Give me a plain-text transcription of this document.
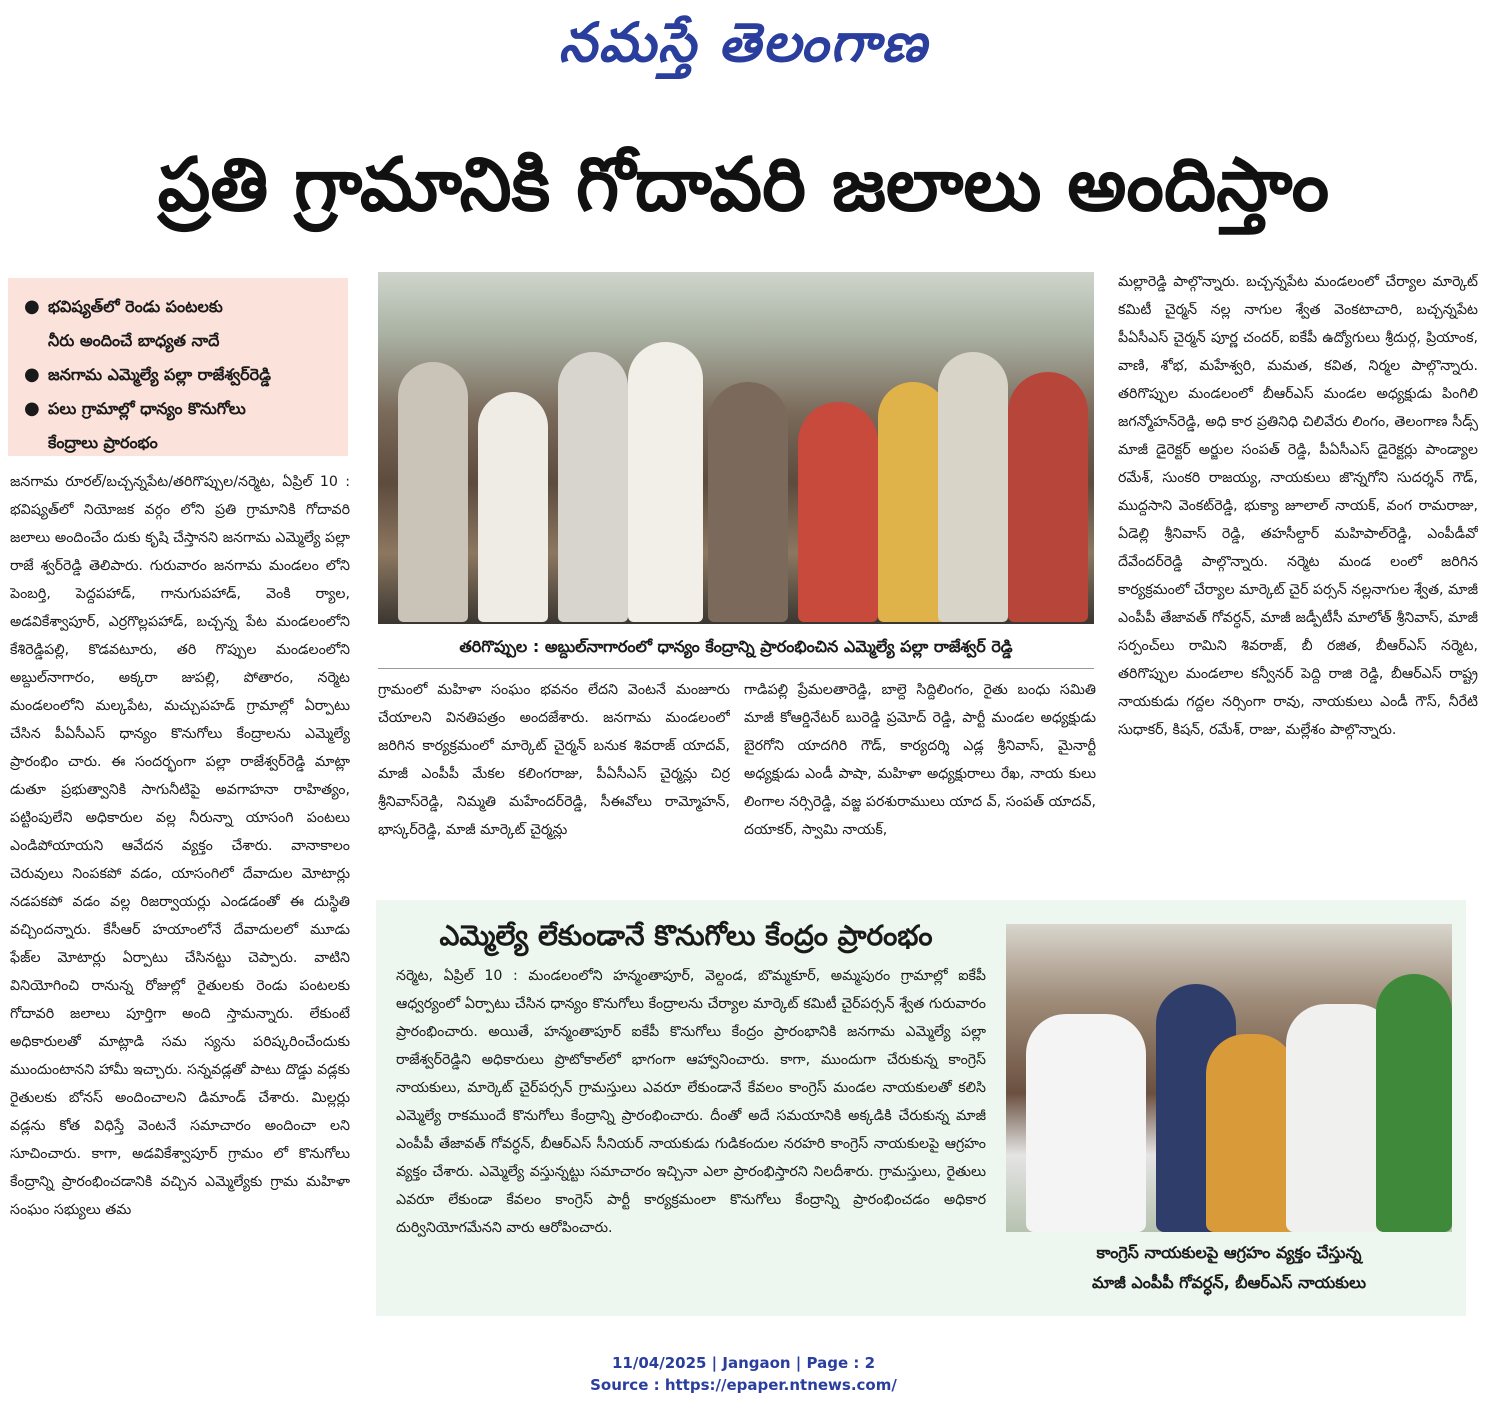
నమస్తే తెలంగాణ
ప్రతి గ్రామానికి గోదావరి జలాలు అందిస్తాం
● భవిష్యత్‌లో రెండు పంటలకు
నీరు అందించే బాధ్యత నాదే
● జనగామ ఎమ్మెల్యే పల్లా రాజేశ్వర్‌రెడ్డి
● పలు గ్రామాల్లో ధాన్యం కొనుగోలు
కేంద్రాలు ప్రారంభం
జనగామ రూరల్/బచ్చన్నపేట/తరిగొప్పుల/నర్మెట, ఏప్రిల్ 10 : భవిష్యత్‌లో నియోజక వర్గం లోని ప్రతి గ్రామానికి గోదావరి జలాలు అందించేం దుకు కృషి చేస్తానని జనగామ ఎమ్మెల్యే పల్లా రాజే శ్వర్‌రెడ్డి తెలిపారు. గురువారం జనగామ మండలం లోని పెంబర్తి, పెద్దపహాడ్, గానుగుపహాడ్, వెంకి ర్యాల, అడవికేశ్వాపూర్, ఎర్రగొల్లపహాడ్, బచ్చన్న పేట మండలంలోని కేశిరెడ్డిపల్లి, కొడవటూరు, తరి గొప్పుల మండలంలోని అబ్దుల్‌నాగారం, అక్కరా జుపల్లి, పోతారం, నర్మెట మండలంలోని మల్కపేట, మచ్చుపహడ్ గ్రామాల్లో ఏర్పాటు చేసిన పీఏసీఎస్ ధాన్యం కొనుగోలు కేంద్రాలను ఎమ్మెల్యే ప్రారంభిం చారు. ఈ సందర్భంగా పల్లా రాజేశ్వర్‌రెడ్డి మాట్లా డుతూ ప్రభుత్వానికి సాగునీటిపై అవగాహనా రాహిత్యం, పట్టింపులేని అధికారుల వల్ల నీరున్నా యాసంగి పంటలు ఎండిపోయాయని ఆవేదన వ్యక్తం చేశారు. వానాకాలం చెరువులు నింపకపో వడం, యాసంగిలో దేవాదుల మోటార్లు నడపకపో వడం వల్ల రిజర్వాయర్లు ఎండడంతో ఈ దుస్థితి వచ్చిందన్నారు. కేసీఆర్ హయాంలోనే దేవాదులలో మూడు ఫేజ్‌ల మోటార్లు ఏర్పాటు చేసినట్టు చెప్పారు. వాటిని వినియోగించి రానున్న రోజుల్లో రైతులకు రెండు పంటలకు గోదావరి జలాలు పూర్తిగా అంది స్తామన్నారు. లేకుంటే అధికారులతో మాట్లాడి సమ స్యను పరిష్కరించేందుకు ముందుంటానని హామీ ఇచ్చారు. సన్నవడ్లతో పాటు దొడ్డు వడ్లకు రైతులకు బోనస్ అందించాలని డిమాండ్ చేశారు. మిల్లర్లు వడ్లను కోత విధిస్తే వెంటనే సమాచారం అందించా లని సూచించారు. కాగా, అడవికేశ్వాపూర్ గ్రామం లో కొనుగోలు కేంద్రాన్ని ప్రారంభించడానికి వచ్చిన ఎమ్మెల్యేకు గ్రామ మహిళా సంఘం సభ్యులు తమ
తరిగొప్పుల : అబ్దుల్‌నాగారంలో ధాన్యం కేంద్రాన్ని ప్రారంభించిన ఎమ్మెల్యే పల్లా రాజేశ్వర్ రెడ్డి
గ్రామంలో మహిళా సంఘం భవనం లేదని వెంటనే మంజూరు చేయాలని వినతిపత్రం అందజేశారు. జనగామ మండలంలో జరిగిన కార్యక్రమంలో మార్కెట్ చైర్మన్ బనుక శివరాజ్ యాదవ్, మాజీ ఎంపీపీ మేకల కలింగరాజు, పీఏసీఎస్ చైర్మన్లు చిర్ర శ్రీనివాస్‌రెడ్డి, నిమ్మతి మహేందర్‌రెడ్డి, సీఈవోలు రామ్మోహన్, భాస్కర్‌రెడ్డి, మాజీ మార్కెట్ చైర్మన్లు
గాడిపల్లి ప్రేమలతారెడ్డి, బాల్దె సిద్దిలింగం, రైతు బంధు సమితి మాజీ కోఆర్డినేటర్ బురెడ్డి ప్రమోద్ రెడ్డి, పార్టీ మండల అధ్యక్షుడు బైరగోని యాదగిరి గౌడ్, కార్యదర్శి ఎడ్ల శ్రీనివాస్, మైనార్టీ అధ్యక్షుడు ఎండీ పాషా, మహిళా అధ్యక్షురాలు రేఖ, నాయ కులు లింగాల నర్సిరెడ్డి, వజ్జ పరశురాములు యాద వ్, సంపత్ యాదవ్, దయాకర్, స్వామి నాయక్,
మల్లారెడ్డి పాల్గొన్నారు. బచ్చన్నపేట మండలంలో చేర్యాల మార్కెట్ కమిటీ చైర్మన్ నల్ల నాగుల శ్వేత వెంకటాచారి, బచ్చన్నపేట పీఏసీఎస్ చైర్మన్ పూర్ణ చందర్, ఐకేపీ ఉద్యోగులు శ్రీదుర్గ, ప్రియాంక, వాణి, శోభ, మహేశ్వరి, మమత, కవిత, నిర్మల పాల్గొన్నారు. తరిగొప్పుల మండలంలో బీఆర్‌ఎస్ మండల అధ్యక్షుడు పింగిలి జగన్మోహన్‌రెడ్డి, అధి కార ప్రతినిధి చిలివేరు లింగం, తెలంగాణ సీడ్స్ మాజీ డైరెక్టర్ అర్జుల సంపత్ రెడ్డి, పీఏసీఎస్ డైరెక్టర్లు పాండ్యాల రమేశ్, సుంకరి రాజయ్య, నాయకులు జొన్నగోని సుదర్శన్ గౌడ్, ముద్దసాని వెంకట్‌రెడ్డి, భుక్యా జూలాల్ నాయక్, వంగ రామరాజు, ఏడెల్లి శ్రీనివాస్ రెడ్డి, తహసీల్దార్ మహిపాల్‌రెడ్డి, ఎంపీడీవో దేవేందర్‌రెడ్డి పాల్గొన్నారు. నర్మెట మండ లంలో జరిగిన కార్యక్రమంలో చేర్యాల మార్కెట్ చైర్ పర్సన్ నల్లనాగుల శ్వేత, మాజీ ఎంపీపీ తేజావత్ గోవర్ధన్, మాజీ జడ్పీటీసీ మాలోత్ శ్రీనివాస్, మాజీ సర్పంచ్‌లు రామిని శివరాజ్, బీ రజిత, బీఆర్‌ఎస్ నర్మెట, తరిగొప్పుల మండలాల కన్వీనర్ పెద్ది రాజి రెడ్డి, బీఆర్‌ఎస్ రాష్ట్ర నాయకుడు గద్దల నర్సింగా రావు, నాయకులు ఎండీ గౌస్, నీరేటి సుధాకర్, కిషన్, రమేశ్, రాజు, మల్లేశం పాల్గొన్నారు.
ఎమ్మెల్యే లేకుండానే కొనుగోలు కేంద్రం ప్రారంభం
నర్మెట, ఏప్రిల్ 10 : మండలంలోని హన్మంతాపూర్, వెల్దండ, బొమ్మకూర్, అమ్మపురం గ్రామాల్లో ఐకేపీ ఆధ్వర్యంలో ఏర్పాటు చేసిన ధాన్యం కొనుగోలు కేంద్రాలను చేర్యాల మార్కెట్ కమిటీ చైర్‌పర్సన్ శ్వేత గురువారం ప్రారంభించారు. అయితే, హన్మంతాపూర్ ఐకేపీ కొనుగోలు కేంద్రం ప్రారంభానికి జనగామ ఎమ్మెల్యే పల్లా రాజేశ్వర్‌రెడ్డిని అధికారులు ప్రొటోకాల్‌లో భాగంగా ఆహ్వానించారు. కాగా, ముందుగా చేరుకున్న కాంగ్రెస్ నాయకులు, మార్కెట్ చైర్‌పర్సన్ గ్రామస్తులు ఎవరూ లేకుండానే కేవలం కాంగ్రెస్ మండల నాయకులతో కలిసి ఎమ్మెల్యే రాకముందే కొనుగోలు కేంద్రాన్ని ప్రారంభించారు. దీంతో అదే సమయానికి అక్కడికి చేరుకున్న మాజీ ఎంపీపీ తేజావత్ గోవర్ధన్, బీఆర్‌ఎస్ సీనియర్ నాయకుడు గుడికందుల నరహరి కాంగ్రెస్ నాయకులపై ఆగ్రహం వ్యక్తం చేశారు. ఎమ్మెల్యే వస్తున్నట్టు సమాచారం ఇచ్చినా ఎలా ప్రారంభిస్తారని నిలదీశారు. గ్రామస్తులు, రైతులు ఎవరూ లేకుండా కేవలం కాంగ్రెస్ పార్టీ కార్యక్రమంలా కొనుగోలు కేంద్రాన్ని ప్రారంభించడం అధికార దుర్వినియోగమేనని వారు ఆరోపించారు.
కాంగ్రెస్ నాయకులపై ఆగ్రహం వ్యక్తం చేస్తున్న
మాజీ ఎంపీపీ గోవర్ధన్, బీఆర్‌ఎస్ నాయకులు
11/04/2025 | Jangaon | Page : 2
Source : https://epaper.ntnews.com/
